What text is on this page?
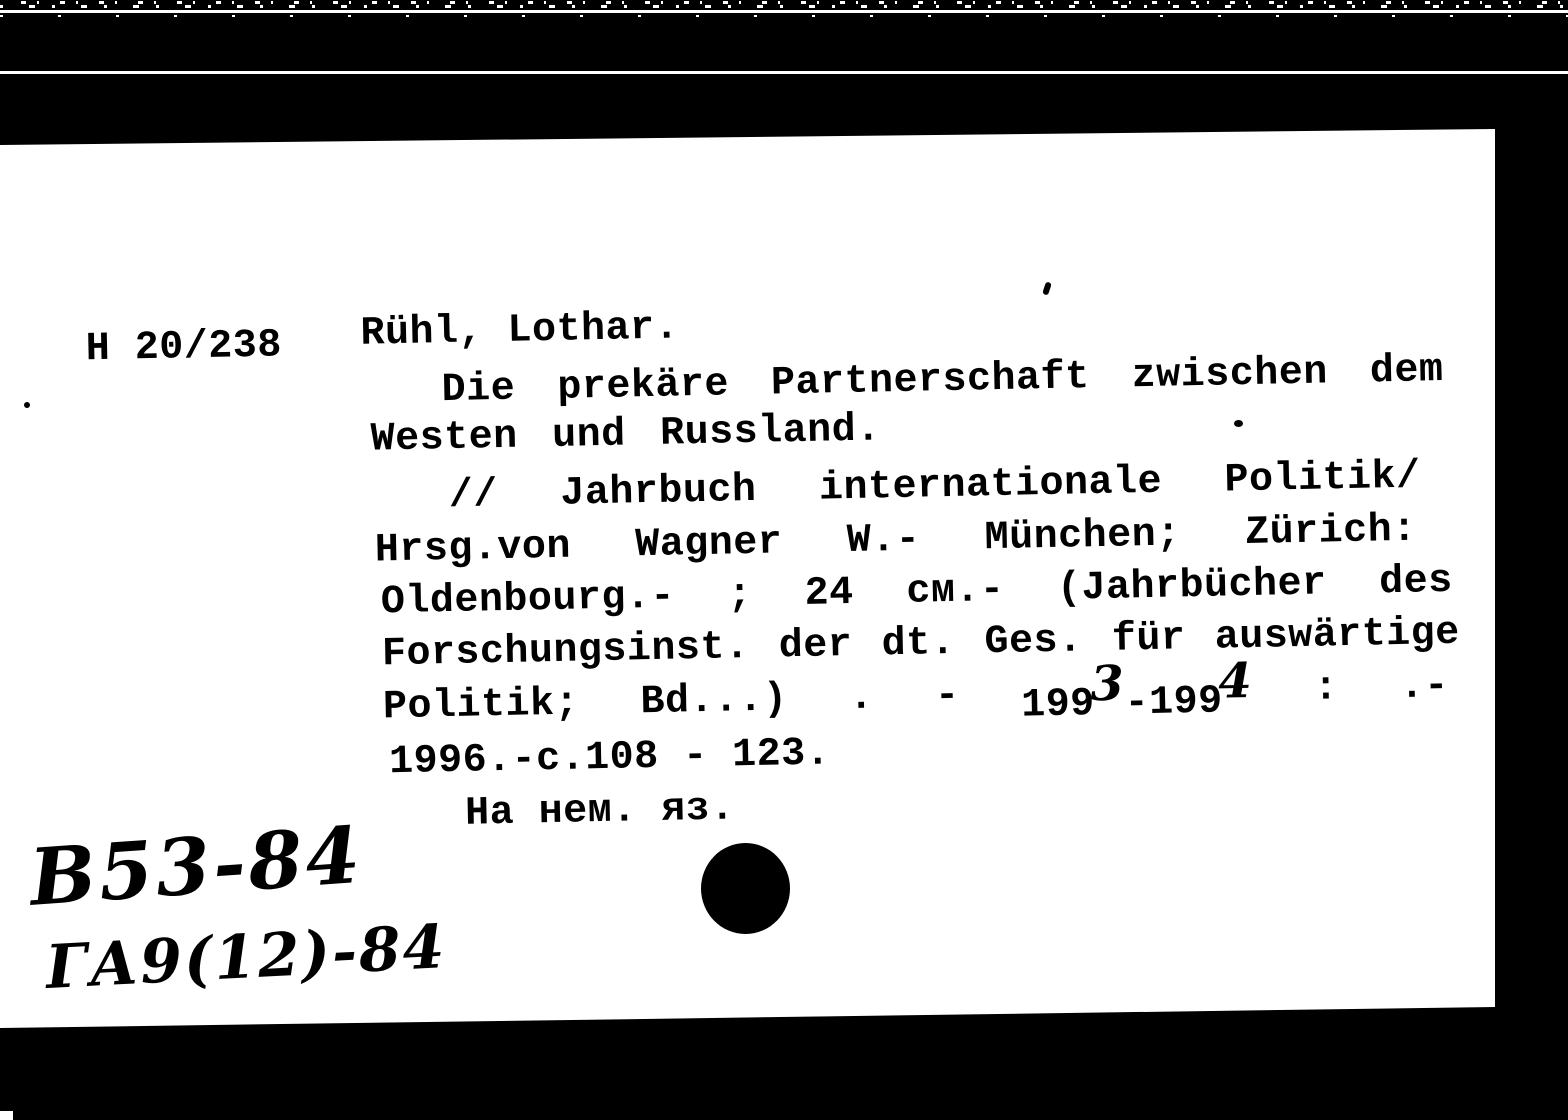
H 20/238 Rühl, Lothar.
Die prekäre Partnerschaft zwischen dem
Westen und Russland.
// Jahrbuch internationale Politik/
Hrsg.von Wagner W.- München; Zürich:
Oldenbourg.- ; 24 см.- (Jahrbücher des
Forschungsinst. der dt. Ges. für auswärtige
Politik; Bd...) . - 1993-1994 : .-
1996.-c.108 - 123.
На нем. яз.
B53-84
ГА9(12)-84
